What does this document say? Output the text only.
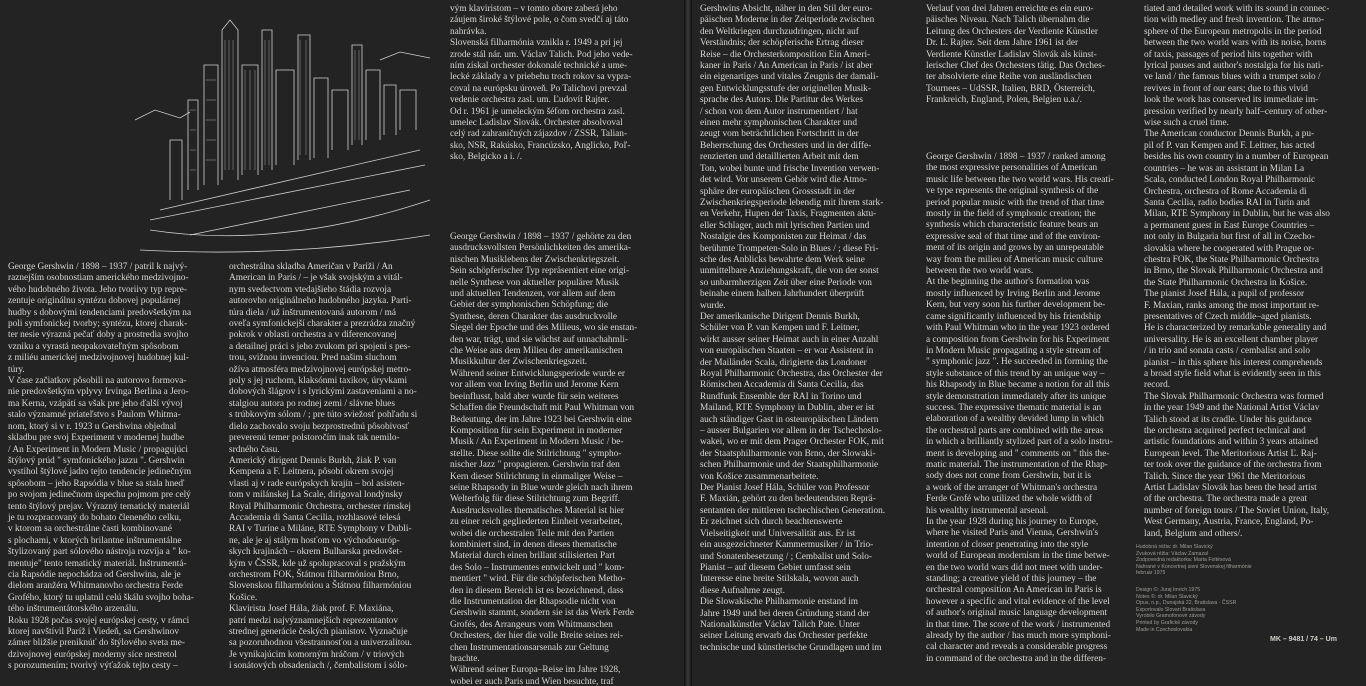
George Gershwin / 1898 – 1937 / patril k najvý-
raznejším osobnostiam amerického medzivojno-
vého hudobného života. Jeho tvoriivy typ repre-
zentuje originálnu syntézu dobovej populárnej
hudby s dobovými tendenciami predovšetkým na
poli symfonickej tvorby; syntézu, ktorej charak-
ter nesie výrazná pečať doby a prostredia svojho
vzniku a vyrastá neopakovateľným spôsobom
z miliéu americkej medzivojnovej hudobnej kul-
túry.
V čase začiatkov pôsobili na autorovo formova-
nie predovšetkým vplyvy Irvinga Berlina a Jero-
ma Kerna, vzápätí sa však pre jeho ďalší vývoj
stalo významné priateľstvo s Paulom Whitma-
nom, ktorý si v r. 1923 u Gershwina objednal
skladbu pre svoj Experiment v modernej hudbe
/ An Experiment in Modern Music / propagujúci
štýlový prúd " symfonického jazzu ". Gershwin
vystihol štýlové jadro tejto tendencie jedinečným
spôsobom – jeho Rapsódia v blue sa stala hneď
po svojom jedinečnom úspechu pojmom pre celý
tento štýlový prejav. Výrazný tematický materiál
je tu rozpracovaný do bohato členeného celku,
v ktorom sa orchestrálne časti kombinované
s plochami, v ktorých brilantne inštrumentálne
štylizovaný part sólového nástroja rozvíja a " ko-
mentuje" tento tematický materiál. Inštrumentá-
cia Rapsódie nepochádza od Gershwina, ale je
dielom aranžéra Whitmanovho orchestra Ferde
Grofého, ktorý tu uplatnil celú škálu svojho boha-
tého inštrumentátorského arzenálu.
Roku 1928 počas svojej európskej cesty, v rámci
ktorej navštívil Paríž i Viedeň, sa Gershwinov
zámer bližšie preniknúť do štýlového sveta me-
dzivojnovej európskej moderny síce nestretol
s porozumením; tvorivý výťažok tejto cesty –

orchestrálna skladba Američan v Paríži / An
American in Paris / – je však svojským a vitál-
nym svedectvom vtedajšieho štádia rozvoja
autorovho originálneho hudobného jazyka. Parti-
túra diela / už inštrumentovaná autorom / má
oveľa symfonickejší charakter a prezrádza značný
pokrok v oblasti orchestra a v diferencovanej
a detailnej práci s jeho zvukom pri spojení s pes-
trou, svižnou invenciou. Pred našim sluchom
ožíva atmosféra medzivojnovej európskej metro-
poly s jej ruchom, klaksónmi taxíkov, úryvkami
dobových šlágrov i s lyrickými zastaveniami a no-
stalgiou autora po rodnej zemi / slávne blues
s trúbkovým sólom / ; pre túto sviežosť pohľadu si
dielo zachovalo svoju bezprostrednú pôsobivosť
preverenú temer polstoročím inak tak nemilo-
srdného času.
Americký dirigent Dennis Burkh, žiak P. van
Kempena a F. Leitnera, pôsobí okrem svojej
vlasti aj v rade európskych krajín – bol asisten-
tom v milánskej La Scale, dirigoval londýnsky
Royal Philharmonic Orchestra, orchester rímskej
Accademia di Santa Cecilia, rozhlasové telesá
RAI v Turíne a Miláne, RTE Symphony v Dubli-
ne, ale je aj stálym hosťom vo východoeuróp-
skych krajinách – okrem Bulharska predovšet-
kým v ČSSR, kde už spolupracoval s pražským
orchestrom FOK, Štátnou filharmóniou Brno,
Slovenskou filharmóniou a Štátnou filharmóniou
Košice.
Klavirista Josef Hála, žiak prof. F. Maxiána,
patrí medzi najvýznamnejších reprezentantov
strednej generácie českých pianistov. Vyznačuje
sa pozoruhodnou všestrannosťou a univerzalitou.
Je vynikajúcim komorným hráčom / v triových
i sonátových obsadeniach /, čembalistom i sólo-

vým klaviristom – v tomto obore zaberá jeho
záujem široké štýlové pole, o čom svedčí aj táto
nahrávka.
Slovenská filharmónia vznikla r. 1949 a pri jej
zrode stál nár. um. Václav Talich. Pod jeho vede-
ním získal orchester dokonalé technické a ume-
lecké základy a v priebehu troch rokov sa vypra-
coval na európsku úroveň. Po Talichovi prevzal
vedenie orchestra zasl. um. Ľudovít Rajter.
Od r. 1961 je umeleckým šéfom orchestra zasl.
umelec Ladislav Slovák. Orchester absolvoval
celý rad zahraničných zájazdov / ZSSR, Talian-
sko, NSR, Rakúsko, Francúzsko, Anglicko, Poľ-
sko, Belgicko a i. /.

George Gershwin / 1898 – 1937 / gehörte zu den
ausdrucksvollsten Persönlichkeiten des amerika-
nischen Musiklebens der Zwischenkriegszeit.
Sein schöpferischer Typ repräsentiert eine origi-
nelle Synthese von aktueller populärer Musik
und aktuellen Tendenzen, vor allem auf dem
Gebiet der symphonischen Schöpfung; die
Synthese, deren Charakter das ausdruckvolle
Siegel der Epoche und des Milieus, wo sie enstan-
den war, trägt, und sie wächst auf unnachahmli-
che Weise aus dem Milieu der amerikanischen
Musikkultur der Zwischenkriegszeit.
Während seiner Entwicklungsperiode wurde er
vor allem von Irving Berlin und Jerome Kern
beeinflusst, bald aber wurde für sein weiteres
Schaffen die Freundschaft mit Paul Whitman von
Bedeutung, der im Jahre 1923 bei Gershwin eine
Komposition für sein Experiment in moderner
Musik / An Experiment in Modern Music / be-
stellte. Diese sollte die Stilrichtung " sympho-
nischer Jazz " propagieren. Gershwin traf den
Kern dieser Stilrichtung in einmaliger Weise –
seine Rhapsody in Blue wurde gleich nach ihrem
Welterfolg für diese Stilrichtung zum Begriff.
Ausdrucksvolles thematisches Material ist hier
zu einer reich gegliederten Einheit verarbeitet,
wobei die orchestralen Teile mit den Partien
kombiniert sind, in denen dieses thematische
Material durch einen brillant stilisierten Part
des Solo – Instrumentes entwickelt und " kom-
mentiert " wird. Für die schöpferischen Metho-
den in diesem Bereich ist es bezeichnend, dass
die Instrumentation der Rhapsodie nicht von
Gershwin stammt, sondern sie ist das Werk Ferde
Grofés, des Arrangeurs vom Whitmanschen
Orchesters, der hier die volle Breite seines rei-
chen Instrumentationsarsenals zur Geltung
brachte.
Während seiner Europa–Reise im Jahre 1928,
wobei er auch Paris und Wien besuchte, traf

Gershwins Absicht, näher in den Stil der euro-
päischen Moderne in der Zeitperiode zwischen
den Weltkriegen durchzudringen, nicht auf
Verständnis; der schöpferische Ertrag dieser
Reise – die Orchesterkomposition Ein Ameri-
kaner in Paris / An American in Paris / ist aber
ein eigenartiges und vitales Zeugnis der damali-
gen Entwicklungsstufe der originellen Musik-
sprache des Autors. Die Partitur des Werkes
/ schon von dem Autor instrumentiert / hat
einen mehr symphonischen Charakter und
zeugt vom beträchtlichen Fortschritt in der
Beherrschung des Orchesters und in der diffe-
renzierten und detaillierten Arbeit mit dem
Ton, wobei bunte und frische Invention verwen-
det wird. Vor unserem Gehör wird die Atmo-
sphäre der europäischen Grossstadt in der
Zwischenkriegsperiode lebendig mit ihrem stark-
en Verkehr, Hupen der Taxis, Fragmenten aktu-
eller Schlager, auch mit lyrischen Partien und
Nostalgie des Komponisten zur Heimat / das
berühmte Trompeten-Solo in Blues / ; diese Fri-
sche des Anblicks bewahrte dem Werk seine
unmittelbare Anziehungskraft, die von der sonst
so unbarmherzigen Zeit über eine Periode von
beinahe einem halben Jahrhundert überprüft
wurde.
Der amerikanische Dirigent Dennis Burkh,
Schüler von P. van Kempen und F. Leitner,
wirkt ausser seiner Heimat auch in einer Anzahl
von europäischen Staaten – er war Assistent in
der Mailänder Scala, dirigierte das Londoner
Royal Philharmonic Orchestra, das Orchester der
Römischen Accademia di Santa Cecilia, das
Rundfunk Ensemble der RAI in Torino und
Mailand, RTE Symphony in Dublin, aber er ist
auch ständiger Gast in osteuropäischen Ländern
– ausser Bulgarien vor allem in der Tschechoslo-
wakei, wo er mit dem Prager Orchester FOK, mit
der Staatsphilharmonie von Brno, der Slowaki-
schen Philharmonie und der Staatsphilharmonie
von Košice zusammenarbeitete.
Der Pianist Josef Hála, Schüler von Professor
F. Maxián, gehört zu den bedeutendsten Reprä-
sentanten der mittleren tschechischen Generation.
Er zeichnet sich durch beachtenswerte
Vielseitigkeit und Universalität aus. Er ist
ein ausgezeichneter Kammermusiker / in Trio-
und Sonatenbesetzung / ; Cembalist und Solo-
Pianist – auf diesem Gebiet umfasst sein
Interesse eine breite Stilskala, wovon auch
diese Aufnahme zeugt.
Die Slowakische Philharmonie enstand im
Jahre 1949 und bei deren Gründung stand der
Nationalkünstler Václav Talich Pate. Unter
seiner Leitung erwarb das Orchester perfekte
technische und künstlerische Grundlagen und im

Verlauf von drei Jahren erreichte es ein euro-
päisches Niveau. Nach Talich übernahm die
Leitung des Orchesters der Verdiente Künstler
Dr. Ľ. Rajter. Seit dem Jahre 1961 ist der
Verdiente Künstler Ladislav Slovák als künst-
lerischer Chef des Orchesters tätig. Das Orches-
ter absolvierte eine Reihe von ausländischen
Tournees – UdSSR, Italien, BRD, Österreich,
Frankreich, England, Polen, Belgien u.a./.

George Gershwin / 1898 – 1937 / ranked among
the most expressive personalities of American
music life between the two world wars. His creati-
ve type represents the original synthesis of the
period popular music with the trend of that time
mostly in the field of symphonic creation; the
synthesis which characteristic feature bears an
expressive seal of that time and of the environ-
ment of its origin and grows by an unrepeatable
way from the milieu of American music culture
between the two world wars.
At the beginning the author's formation was
mostly influenced by Irving Berlin and Jerome
Kern, but very soon his further development be-
came significantly influenced by his friendship
with Paul Whitman who in the year 1923 ordered
a composition from Gershwin for his Experiment
in Modern Music propagating a style stream of
" symphonic jazz ". He succeeded in forming the
style substance of this trend by an unique way –
his Rhapsody in Blue became a notion for all this
style demonstration immediately after its unique
success. The expressive thematic material is an
elaboration of a wealthy devided lump in which
the orchestral parts are combined with the areas
in which a brilliantly stylized part of a solo instru-
ment is developing and " comments on " this the-
matic material. The instrumentation of the Rhap-
sody does not come from Gershwin, but it is
a work of the arranger of Whitman's orchestra
Ferde Grofé who utilized the whole width of
his wealthy instrumental arsenal.
In the year 1928 during his journey to Europe,
where he visited Paris and Vienna, Gershwin's
intention of closer penetrating into the style
world of European modernism in the time betwe-
en the two world wars did not meet with under-
standing; a creative yield of this journey – the
orchestral composition An American in Paris is
however a specific and vital evidence of the level
of author's original music language development
in that time. The score of the work / instrumented
already by the author / has much more symphoni-
cal character and reveals a considerable progress
in command of the orchestra and in the differen-

tiated and detailed work with its sound in connec-
tion with medley and fresh invention. The atmo-
sphere of the European metropolis in the period
between the two world wars with its noise, horns
of taxis, passages of period hits together with
lyrical pauses and author's nostalgia for his nati-
ve land / the famous blues with a trumpet solo /
revives in front of our ears; due to this vivid
look the work has conserved its immediate im-
pression verified by nearly half–century of other-
wise such a cruel time.
The American conductor Dennis Burkh, a pu-
pil of P. van Kempen and F. Leitner, has acted
besides his own country in a number of European
countries – he was an assistant in Milan La
Scala, conducted London Royal Philharmonic
Orchestra, orchestra of Rome Accademia di
Santa Cecilia, radio bodies RAI in Turin and
Milan, RTE Symphony in Dublin, but he was also
a permanent guest in East Europe Countries –
not only in Bulgaria but first of all in Czecho-
slovakia where he cooperated with Prague or-
chestra FOK, the State Philharmonic Orchestra
in Brno, the Slovak Philharmonic Orchestra and
the State Philharmonic Orchestra in Košice.
The pianist Josef Hála, a pupil of professor
F. Maxian, ranks among the most important re-
presentatives of Czech middle–aged pianists.
He is characterized by remarkable generality and
universality. He is an excellent chamber player
/ in trio and sonata casts / cembalist and solo
pianist – in this sphere his interest comprehends
a broad style field what is evidently seen in this
record.
The Slovak Philharmonic Orchestra was formed
in the year 1949 and the National Artist Václav
Talich stood at its cradle. Under his guidance
the orchestra acquired perfect technical and
artistic foundations and within 3 years attained
European level. The Meritorious Artist Ľ. Raj-
ter took over the guidance of the orchestra from
Talich. Since the year 1961 the Meritorious
Artist Ladislav Slovák has been the head artist
of the orchestra. The orchestra made a great
number of foreign tours / The Soviet Union, Italy,
West Germany, Austria, France, England, Po-
land, Belgium and others/.

Hudobná réžia: dr. Milan Slavický
Zvuková réžia: Václav Zamazal
Zodpovedná redaktorka: Marta Foltésová
Nahrané v Koncertnej sieni Slovenskej filharmónie
február 1975
Design ©: Juraj Imrich 1975
Notes ©: dr. Milan Slavický
Opus, n.p., Dunajská 22, Bratislava · ČSSR
Exportovalo Slovart Bratislava
Vyrobilo Gramofonové závody
Printed by Grafické závody
Made in Czechoslovakia
MK – 9481 / 74 – Um
